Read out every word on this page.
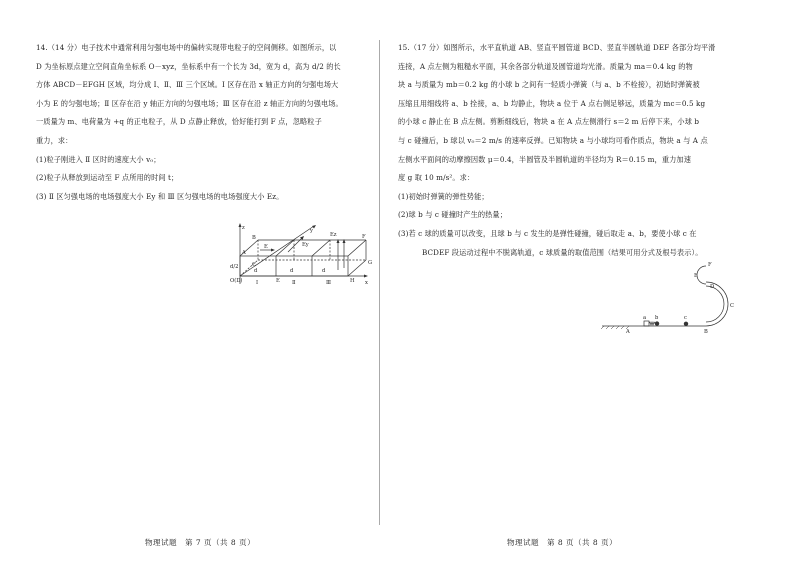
14.（14 分）电子技术中通常利用匀强电场中的偏转实现带电粒子的空间侧移。如图所示，以
D 为坐标原点建立空间直角坐标系 O－xyz，坐标系中有一个长为 3d，宽为 d，高为 d/2 的长
方体 ABCD－EFGH 区域，均分成 Ⅰ、Ⅱ、Ⅲ 三个区域。Ⅰ 区存在沿 x 轴正方向的匀强电场大
小为 E 的匀强电场；Ⅱ 区存在沿 y 轴正方向的匀强电场；Ⅲ 区存在沿 z 轴正方向的匀强电场。
一质量为 m、电荷量为 +q 的正电粒子，从 D 点静止释放，恰好能打到 F 点，忽略粒子
重力，求：
(1)粒子刚进入 Ⅱ 区时的速度大小 v₀；
(2)粒子从释放到运动至 F 点所用的时间 t；
(3) Ⅱ 区匀强电场的电场强度大小 Ey 和 Ⅲ 区匀强电场的电场强度大小 Ez。
z	y
x
O(D)
A
B
C
E
F
G
H
E	Ey
Ez
d	d	d
d/2
Ⅰ	Ⅱ	Ⅲ
物理试题　第 7 页（共 8 页）
15.（17 分）如图所示，水平直轨道 AB、竖直平圆管道 BCD、竖直半圆轨道 DEF 各部分均平滑
连接，A 点左侧为粗糙水平面，其余各部分轨道及圆管道均光滑。质量为 ma＝0.4 kg 的物
块 a 与质量为 mb＝0.2 kg 的小球 b 之间有一轻质小弹簧（与 a、b 不栓接），初始时弹簧被
压缩且用细线将 a、b 拴接，a、b 均静止，物块 a 位于 A 点右侧足够远，质量为 mc＝0.5 kg
的小球 c 静止在 B 点左侧。剪断细线后，物块 a 在 A 点左侧滑行 s＝2 m 后停下来，小球 b
与 c 碰撞后，b 球以 v₀＝2 m/s 的速率反弹。已知物块 a 与小球均可看作质点，物块 a 与 A 点
左侧水平面间的动摩擦因数 μ＝0.4，半圆管及半圆轨道的半径均为 R＝0.15 m，重力加速
度 g 取 10 m/s²。求：
(1)初始时弹簧的弹性势能；
(2)球 b 与 c 碰撞时产生的热量；
(3)若 c 球的质量可以改变，且球 b 与 c 发生的是弹性碰撞，碰后取走 a、b，要使小球 c 在
BCDEF 段运动过程中不脱离轨道，c 球质量的取值范围（结果可用分式及根号表示）。
A	B
C
D
E
F
a b	c
物理试题　第 8 页（共 8 页）
